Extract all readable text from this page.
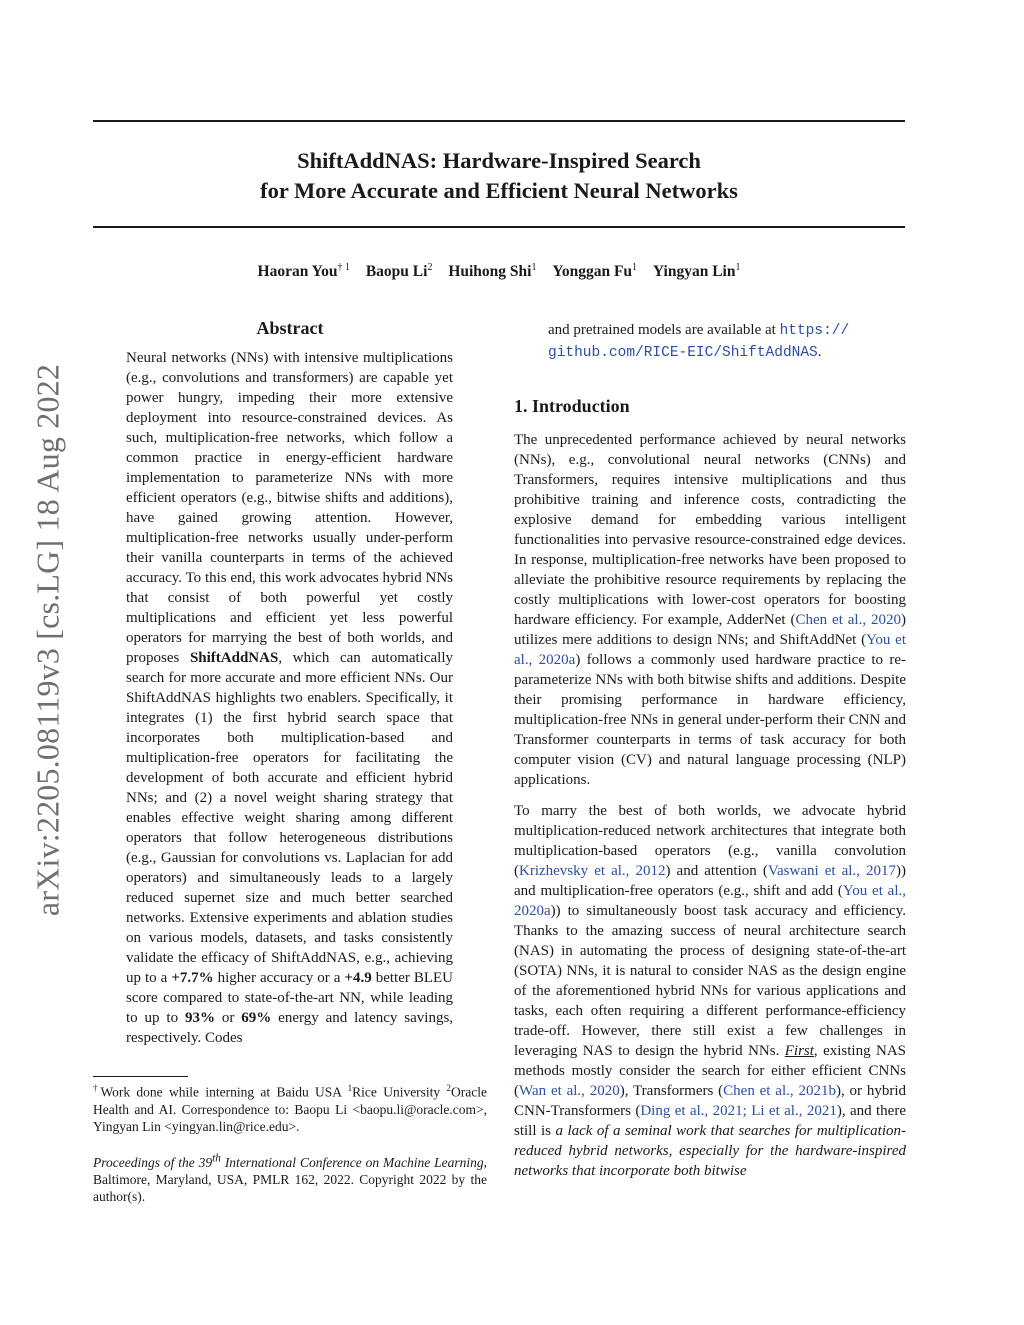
ShiftAddNAS: Hardware-Inspired Search
for More Accurate and Efficient Neural Networks
Haoran You$^{\dagger 1}$ Baopu Li$^2$ Huihong Shi$^1$ Yonggan Fu$^1$ Yingyan Lin$^1$
arXiv:2205.08119v3 [cs.LG] 18 Aug 2022
Abstract
Neural networks (NNs) with intensive multiplications (e.g., convolutions and transformers) are capable yet power hungry, impeding their more extensive deployment into resource-constrained devices. As such, multiplication-free networks, which follow a common practice in energy-efficient hardware implementation to parameterize NNs with more efficient operators (e.g., bitwise shifts and additions), have gained growing attention. However, multiplication-free networks usually under-perform their vanilla counterparts in terms of the achieved accuracy. To this end, this work advocates hybrid NNs that consist of both powerful yet costly multiplications and efficient yet less powerful operators for marrying the best of both worlds, and proposes ShiftAddNAS, which can automatically search for more accurate and more efficient NNs. Our ShiftAddNAS highlights two enablers. Specifically, it integrates (1) the first hybrid search space that incorporates both multiplication-based and multiplication-free operators for facilitating the development of both accurate and efficient hybrid NNs; and (2) a novel weight sharing strategy that enables effective weight sharing among different operators that follow heterogeneous distributions (e.g., Gaussian for convolutions vs. Laplacian for add operators) and simultaneously leads to a largely reduced supernet size and much better searched networks. Extensive experiments and ablation studies on various models, datasets, and tasks consistently validate the efficacy of ShiftAddNAS, e.g., achieving up to a +7.7% higher accuracy or a +4.9 better BLEU score compared to state-of-the-art NN, while leading to up to 93% or 69% energy and latency savings, respectively. Codes
†Work done while interning at Baidu USA $^1$Rice University $^2$Oracle Health and AI. Correspondence to: Baopu Li <baopu.li@oracle.com>, Yingyan Lin <yingyan.lin@rice.edu>.
Proceedings of the 39th International Conference on Machine Learning, Baltimore, Maryland, USA, PMLR 162, 2022. Copyright 2022 by the author(s).
and pretrained models are available at https://
github.com/RICE-EIC/ShiftAddNAS.
1. Introduction
The unprecedented performance achieved by neural networks (NNs), e.g., convolutional neural networks (CNNs) and Transformers, requires intensive multiplications and thus prohibitive training and inference costs, contradicting the explosive demand for embedding various intelligent functionalities into pervasive resource-constrained edge devices. In response, multiplication-free networks have been proposed to alleviate the prohibitive resource requirements by replacing the costly multiplications with lower-cost operators for boosting hardware efficiency. For example, AdderNet (Chen et al., 2020) utilizes mere additions to design NNs; and ShiftAddNet (You et al., 2020a) follows a commonly used hardware practice to re-parameterize NNs with both bitwise shifts and additions. Despite their promising performance in hardware efficiency, multiplication-free NNs in general under-perform their CNN and Transformer counterparts in terms of task accuracy for both computer vision (CV) and natural language processing (NLP) applications.
To marry the best of both worlds, we advocate hybrid multiplication-reduced network architectures that integrate both multiplication-based operators (e.g., vanilla convolution (Krizhevsky et al., 2012) and attention (Vaswani et al., 2017)) and multiplication-free operators (e.g., shift and add (You et al., 2020a)) to simultaneously boost task accuracy and efficiency. Thanks to the amazing success of neural architecture search (NAS) in automating the process of designing state-of-the-art (SOTA) NNs, it is natural to consider NAS as the design engine of the aforementioned hybrid NNs for various applications and tasks, each often requiring a different performance-efficiency trade-off. However, there still exist a few challenges in leveraging NAS to design the hybrid NNs. First, existing NAS methods mostly consider the search for either efficient CNNs (Wan et al., 2020), Transformers (Chen et al., 2021b), or hybrid CNN-Transformers (Ding et al., 2021; Li et al., 2021), and there still is a lack of a seminal work that searches for multiplication-reduced hybrid networks, especially for the hardware-inspired networks that incorporate both bitwise
